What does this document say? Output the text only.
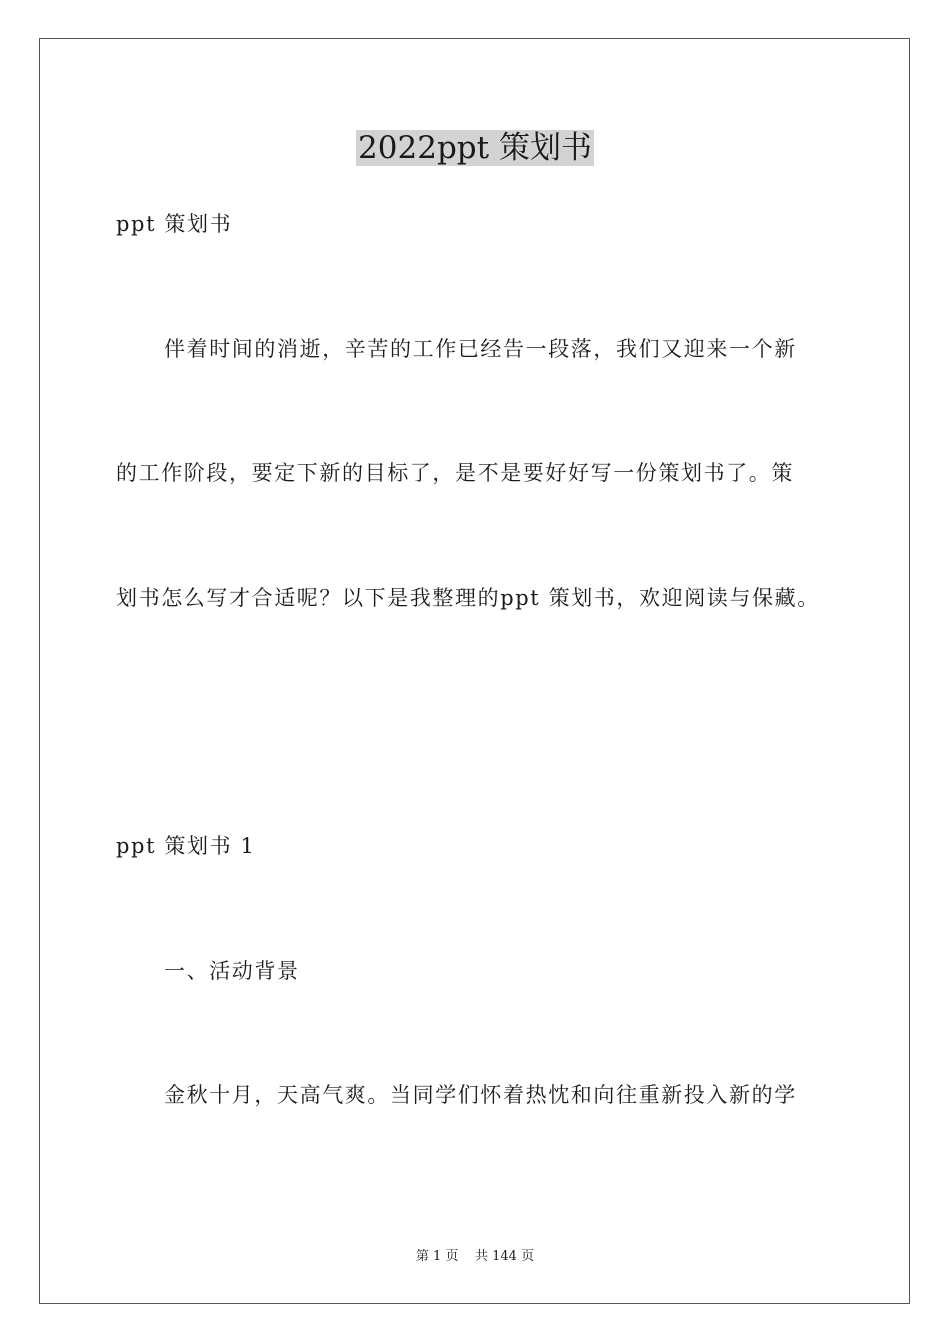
2022ppt 策划书
ppt 策划书
伴着时间的消逝，辛苦的工作已经告一段落，我们又迎来一个新
的工作阶段，要定下新的目标了，是不是要好好写一份策划书了。策
划书怎么写才合适呢？以下是我整理的ppt 策划书，欢迎阅读与保藏。
ppt 策划书 1
一、活动背景
金秋十月，天高气爽。当同学们怀着热忱和向往重新投入新的学
第 1 页    共 144 页
